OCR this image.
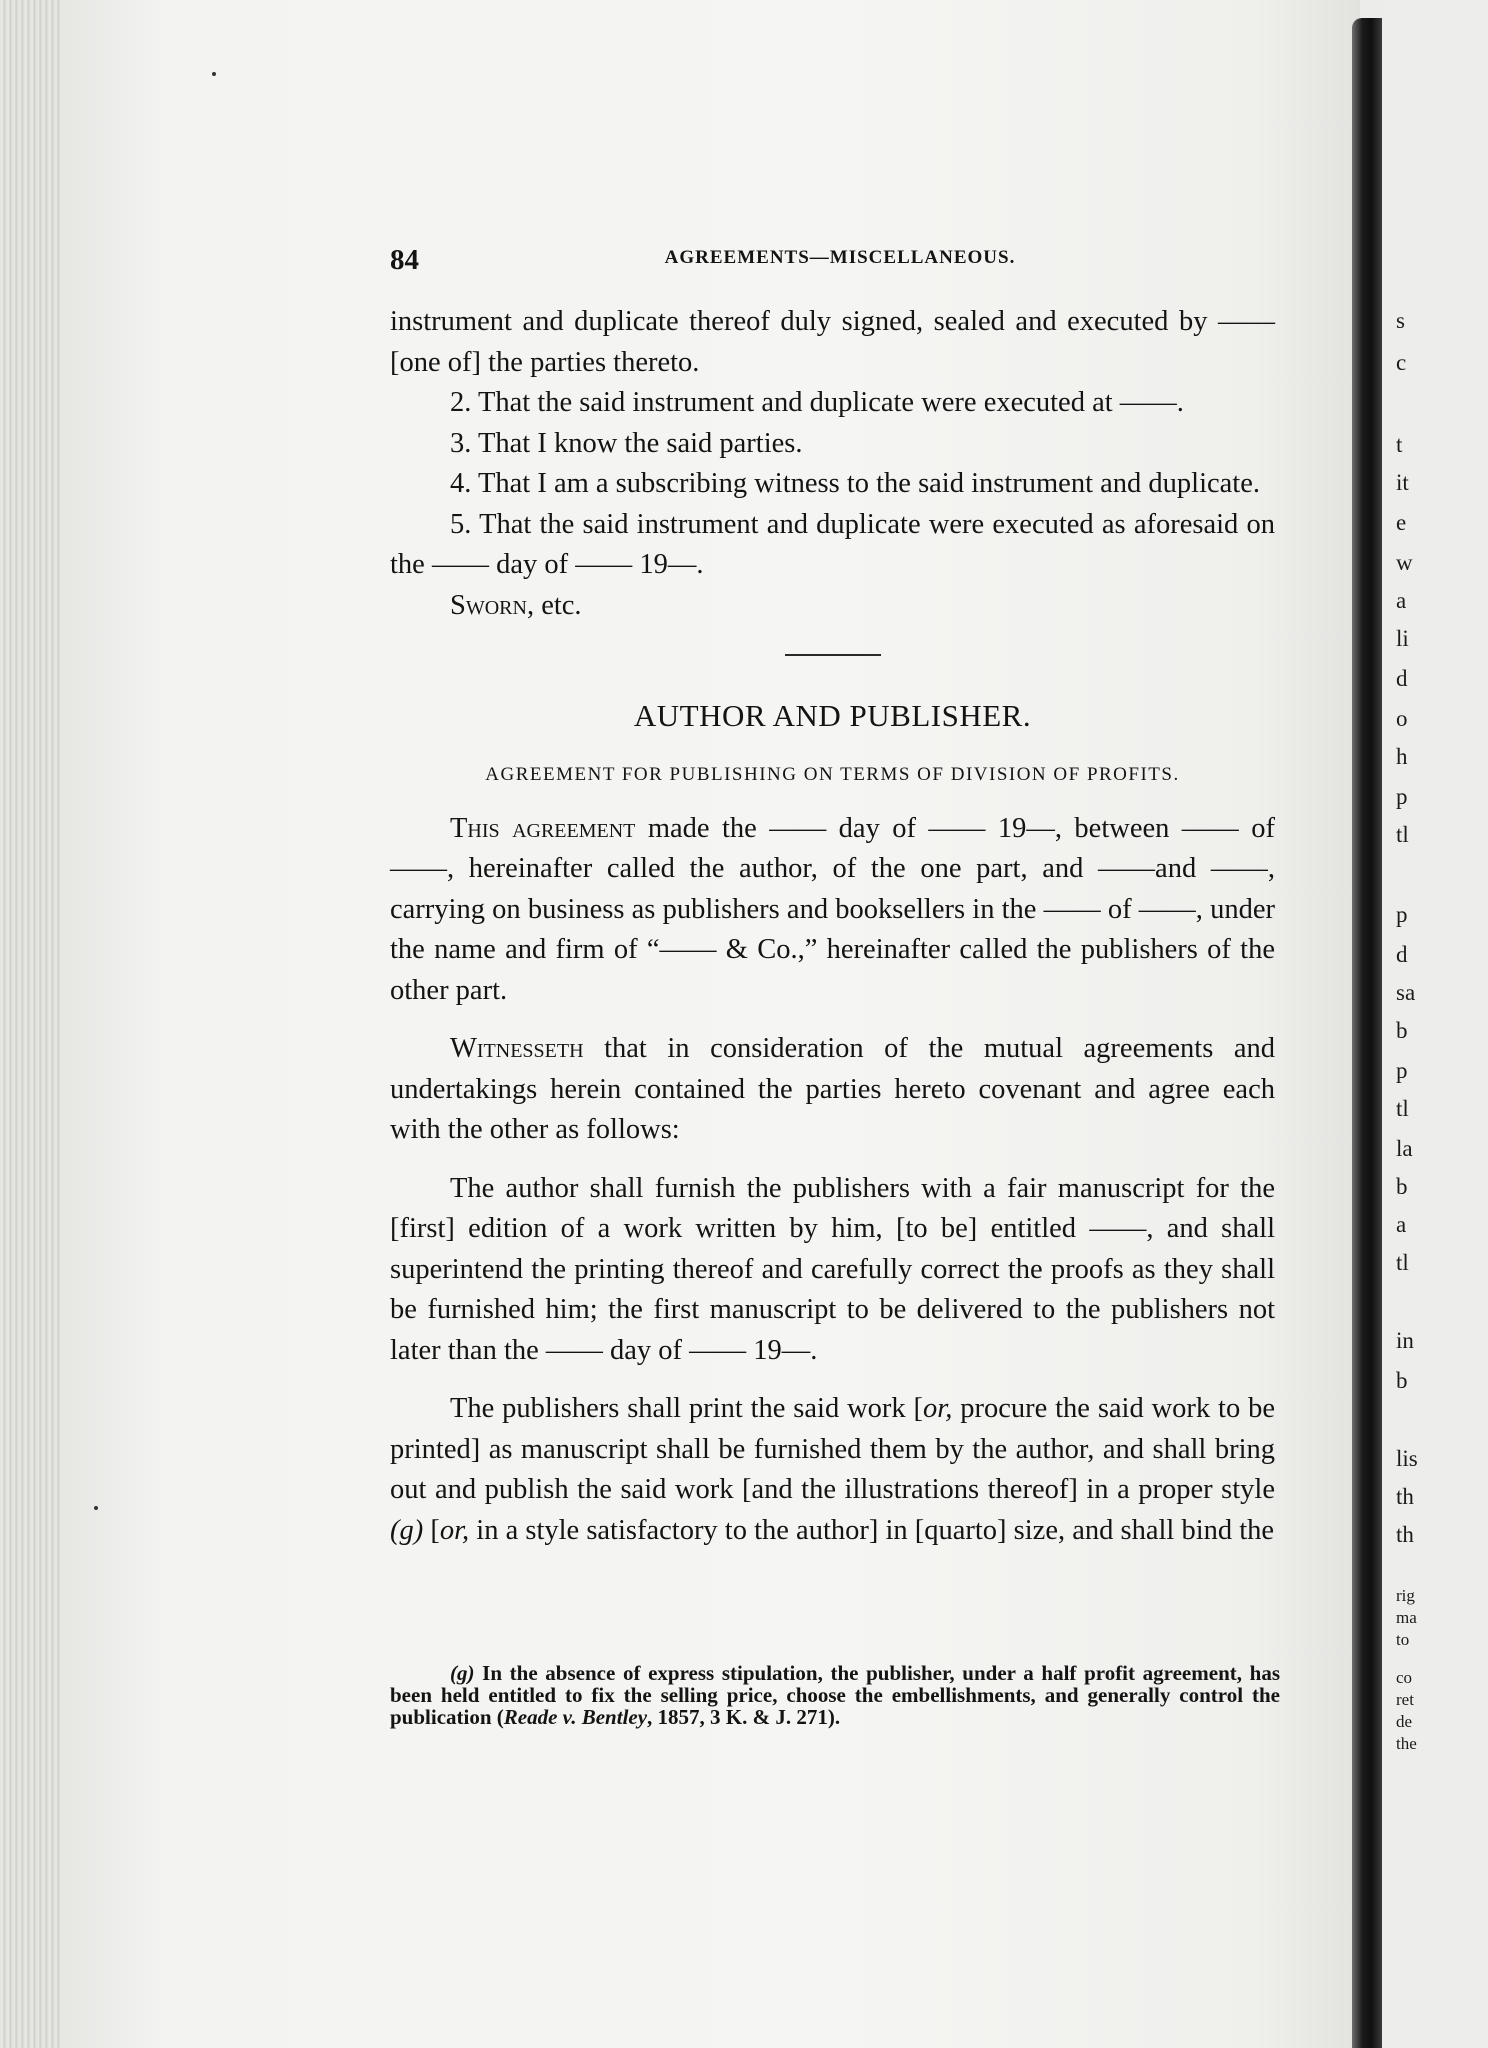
84	AGREEMENTS—MISCELLANEOUS.

instrument and duplicate thereof duly signed, sealed and executed by —— [one of] the parties thereto.

2. That the said instrument and duplicate were executed at ——.

3. That I know the said parties.

4. That I am a subscribing witness to the said instrument and duplicate.

5. That the said instrument and duplicate were executed as aforesaid on the —— day of —— 19—.

Sworn, etc.

AUTHOR AND PUBLISHER.
AGREEMENT FOR PUBLISHING ON TERMS OF DIVISION OF PROFITS.

This agreement made the —— day of —— 19—, between —— of ——, hereinafter called the author, of the one part, and ——and ——, carrying on business as publishers and booksellers in the —— of ——, under the name and firm of “—— & Co.,” hereinafter called the publishers of the other part.

Witnesseth that in consideration of the mutual agreements and undertakings herein contained the parties hereto covenant and agree each with the other as follows:

The author shall furnish the publishers with a fair manuscript for the [first] edition of a work written by him, [to be] entitled ——, and shall superintend the printing thereof and carefully correct the proofs as they shall be furnished him; the first manuscript to be delivered to the publishers not later than the —— day of —— 19—.

The publishers shall print the said work [or, procure the said work to be printed] as manuscript shall be furnished them by the author, and shall bring out and publish the said work [and the illustrations thereof] in a proper style (g) [or, in a style satisfactory to the author] in [quarto] size, and shall bind the

(g) In the absence of express stipulation, the publisher, under a half profit agreement, has been held entitled to fix the selling price, choose the embellishments, and generally control the publication (Reade v. Bentley, 1857, 3 K. & J. 271).

s
c
t
it
e
w
a
li
d
o
h
p
tl
p
d
sa
b
p
tl
la
b
a
tl
in
b
lis
th
th
rig
ma
to
co
ret
de
the
